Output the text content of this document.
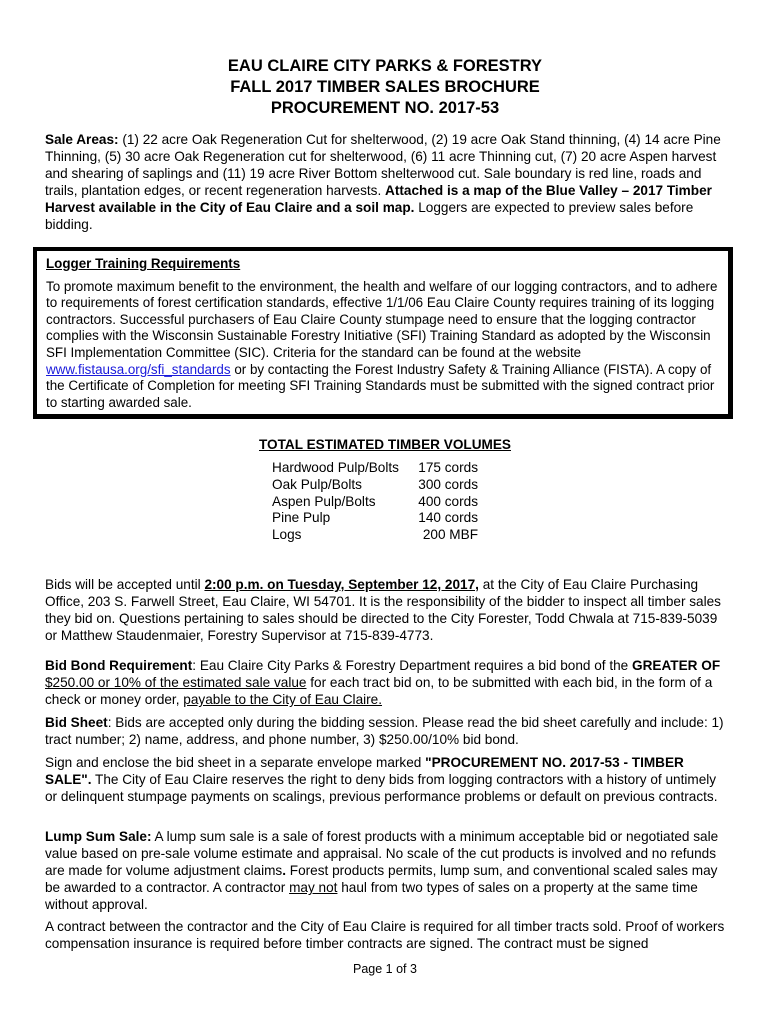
EAU CLAIRE CITY PARKS & FORESTRY
FALL 2017 TIMBER SALES BROCHURE
PROCUREMENT NO. 2017-53
Sale Areas: (1) 22 acre Oak Regeneration Cut for shelterwood, (2) 19 acre Oak Stand thinning, (4) 14 acre Pine Thinning, (5) 30 acre Oak Regeneration cut for shelterwood, (6) 11 acre Thinning cut, (7) 20 acre Aspen harvest and shearing of saplings and (11) 19 acre River Bottom shelterwood cut. Sale boundary is red line, roads and trails, plantation edges, or recent regeneration harvests. Attached is a map of the Blue Valley – 2017 Timber Harvest available in the City of Eau Claire and a soil map. Loggers are expected to preview sales before bidding.
Logger Training Requirements
To promote maximum benefit to the environment, the health and welfare of our logging contractors, and to adhere to requirements of forest certification standards, effective 1/1/06 Eau Claire County requires training of its logging contractors. Successful purchasers of Eau Claire County stumpage need to ensure that the logging contractor complies with the Wisconsin Sustainable Forestry Initiative (SFI) Training Standard as adopted by the Wisconsin SFI Implementation Committee (SIC). Criteria for the standard can be found at the website www.fistausa.org/sfi_standards or by contacting the Forest Industry Safety & Training Alliance (FISTA). A copy of the Certificate of Completion for meeting SFI Training Standards must be submitted with the signed contract prior to starting awarded sale.
TOTAL ESTIMATED TIMBER VOLUMES
Hardwood Pulp/Bolts	175 cords
Oak Pulp/Bolts	300 cords
Aspen Pulp/Bolts	400 cords
Pine Pulp	140 cords
Logs	200 MBF
Bids will be accepted until 2:00 p.m. on Tuesday, September 12, 2017, at the City of Eau Claire Purchasing Office, 203 S. Farwell Street, Eau Claire, WI 54701. It is the responsibility of the bidder to inspect all timber sales they bid on. Questions pertaining to sales should be directed to the City Forester, Todd Chwala at 715-839-5039 or Matthew Staudenmaier, Forestry Supervisor at 715-839-4773.
Bid Bond Requirement: Eau Claire City Parks & Forestry Department requires a bid bond of the GREATER OF $250.00 or 10% of the estimated sale value for each tract bid on, to be submitted with each bid, in the form of a check or money order, payable to the City of Eau Claire.
Bid Sheet: Bids are accepted only during the bidding session. Please read the bid sheet carefully and include: 1) tract number; 2) name, address, and phone number, 3) $250.00/10% bid bond.
Sign and enclose the bid sheet in a separate envelope marked "PROCUREMENT NO. 2017-53 - TIMBER SALE". The City of Eau Claire reserves the right to deny bids from logging contractors with a history of untimely or delinquent stumpage payments on scalings, previous performance problems or default on previous contracts.
Lump Sum Sale: A lump sum sale is a sale of forest products with a minimum acceptable bid or negotiated sale value based on pre-sale volume estimate and appraisal. No scale of the cut products is involved and no refunds are made for volume adjustment claims. Forest products permits, lump sum, and conventional scaled sales may be awarded to a contractor. A contractor may not haul from two types of sales on a property at the same time without approval.
A contract between the contractor and the City of Eau Claire is required for all timber tracts sold. Proof of workers compensation insurance is required before timber contracts are signed. The contract must be signed
Page 1 of 3
